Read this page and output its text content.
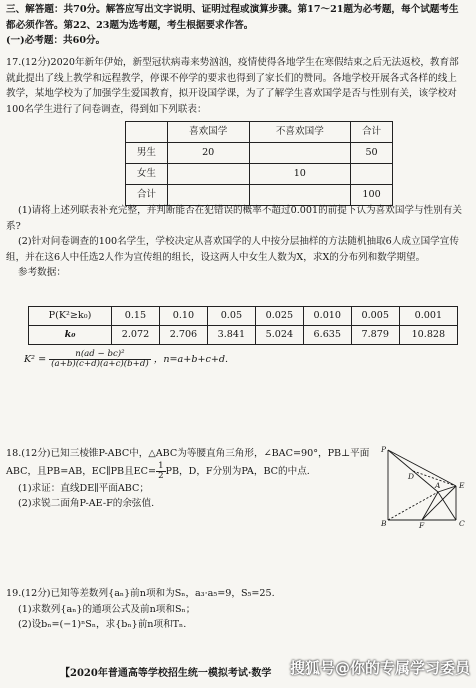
三、解答题：共70分。解答应写出文字说明、证明过程或演算步骤。第17～21题为必考题，每个试题考生都必须作答。第22、23题为选考题，考生根据要求作答。

(一)必考题：共60分。

17.(12分)2020年新年伊始，新型冠状病毒来势汹汹，疫情使得各地学生在寒假结束之后无法返校，教育部就此提出了线上教学和远程教学，停课不停学的要求也得到了家长们的赞同。各地学校开展各式各样的线上教学，某地学校为了加强学生爱国教育，拟开设国学课，为了了解学生喜欢国学是否与性别有关，该学校对100名学生进行了问卷调查，得到如下列联表：

	喜欢国学	不喜欢国学	合计
男生	20		50
女生		10	
合计			100

(1)请将上述列联表补充完整，并判断能否在犯错误的概率不超过0.001的前提下认为喜欢国学与性别有关系?

(2)针对问卷调查的100名学生，学校决定从喜欢国学的人中按分层抽样的方法随机抽取6人成立国学宣传组，并在这6人中任选2人作为宣传组的组长，设这两人中女生人数为X，求X的分布列和数学期望。

参考数据：

P(K²≥k₀)	0.15	0.10	0.05	0.025	0.010	0.005	0.001
k₀	2.072	2.706	3.841	5.024	6.635	7.879	10.828
$K^2 = \frac{\text{n(ad − bc)²}}{(a+b)(c+d)(a+c)(b+d)}$ ，n=a+b+c+d.

18.(12分)已知三棱锥P-ABC中，△ABC为等腰直角三角形，∠BAC=90°，PB⊥平面

ABC，且PB=AB，EC∥PB且$EC= \frac{1}{2}$ PB，D，F分别为PA，BC的中点.

(1)求证：直线DE∥平面ABC；

(2)求锐二面角P-AE-F的余弦值.

P
D
A E
B	F	C

19.(12分)已知等差数列{aₙ}前n项和为Sₙ，a₃·a₅=9，S₅=25.

(1)求数列{aₙ}的通项公式及前n项和Sₙ；

(2)设bₙ=(−1)ⁿSₙ，求{bₙ}前n项和Tₙ.

【2020年普通高等学校招生统一模拟考试·数学	搜狐号@你的专属学习委员
